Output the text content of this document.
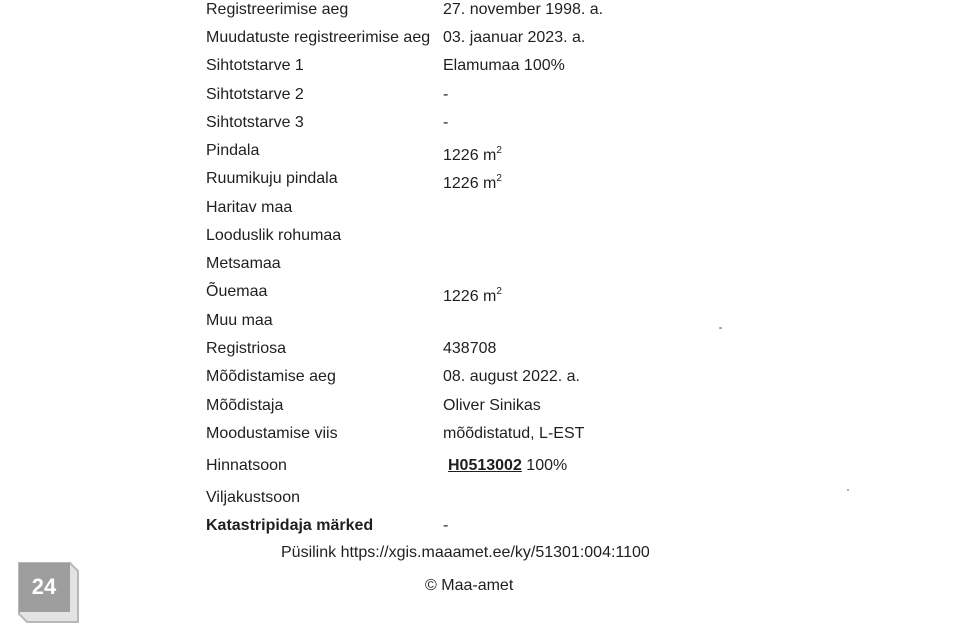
Registreerimise aeg	27. november 1998. a.
Muudatuste registreerimise aeg 03. jaanuar 2023. a.
Sihtotstarve 1	Elamumaa 100%
Sihtotstarve 2	-
Sihtotstarve 3	-
Pindala	1226 $m^2$
Ruumikuju pindala	1226 $m^2$
Haritav maa
Looduslik rohumaa
Metsamaa
Õuemaa	1226 $m^2$
Muu maa
Registriosa	438708
Mõõdistamise aeg	08. august 2022. a.
Mõõdistaja	Oliver Sinikas
Moodustamise viis	mõõdistatud, L-EST
Hinnatsoon	H0513002 100%
Viljakustsoon
Katastripidaja märked	-
Püsilink https://xgis.maaamet.ee/ky/51301:004:1100
© Maa-amet
24
